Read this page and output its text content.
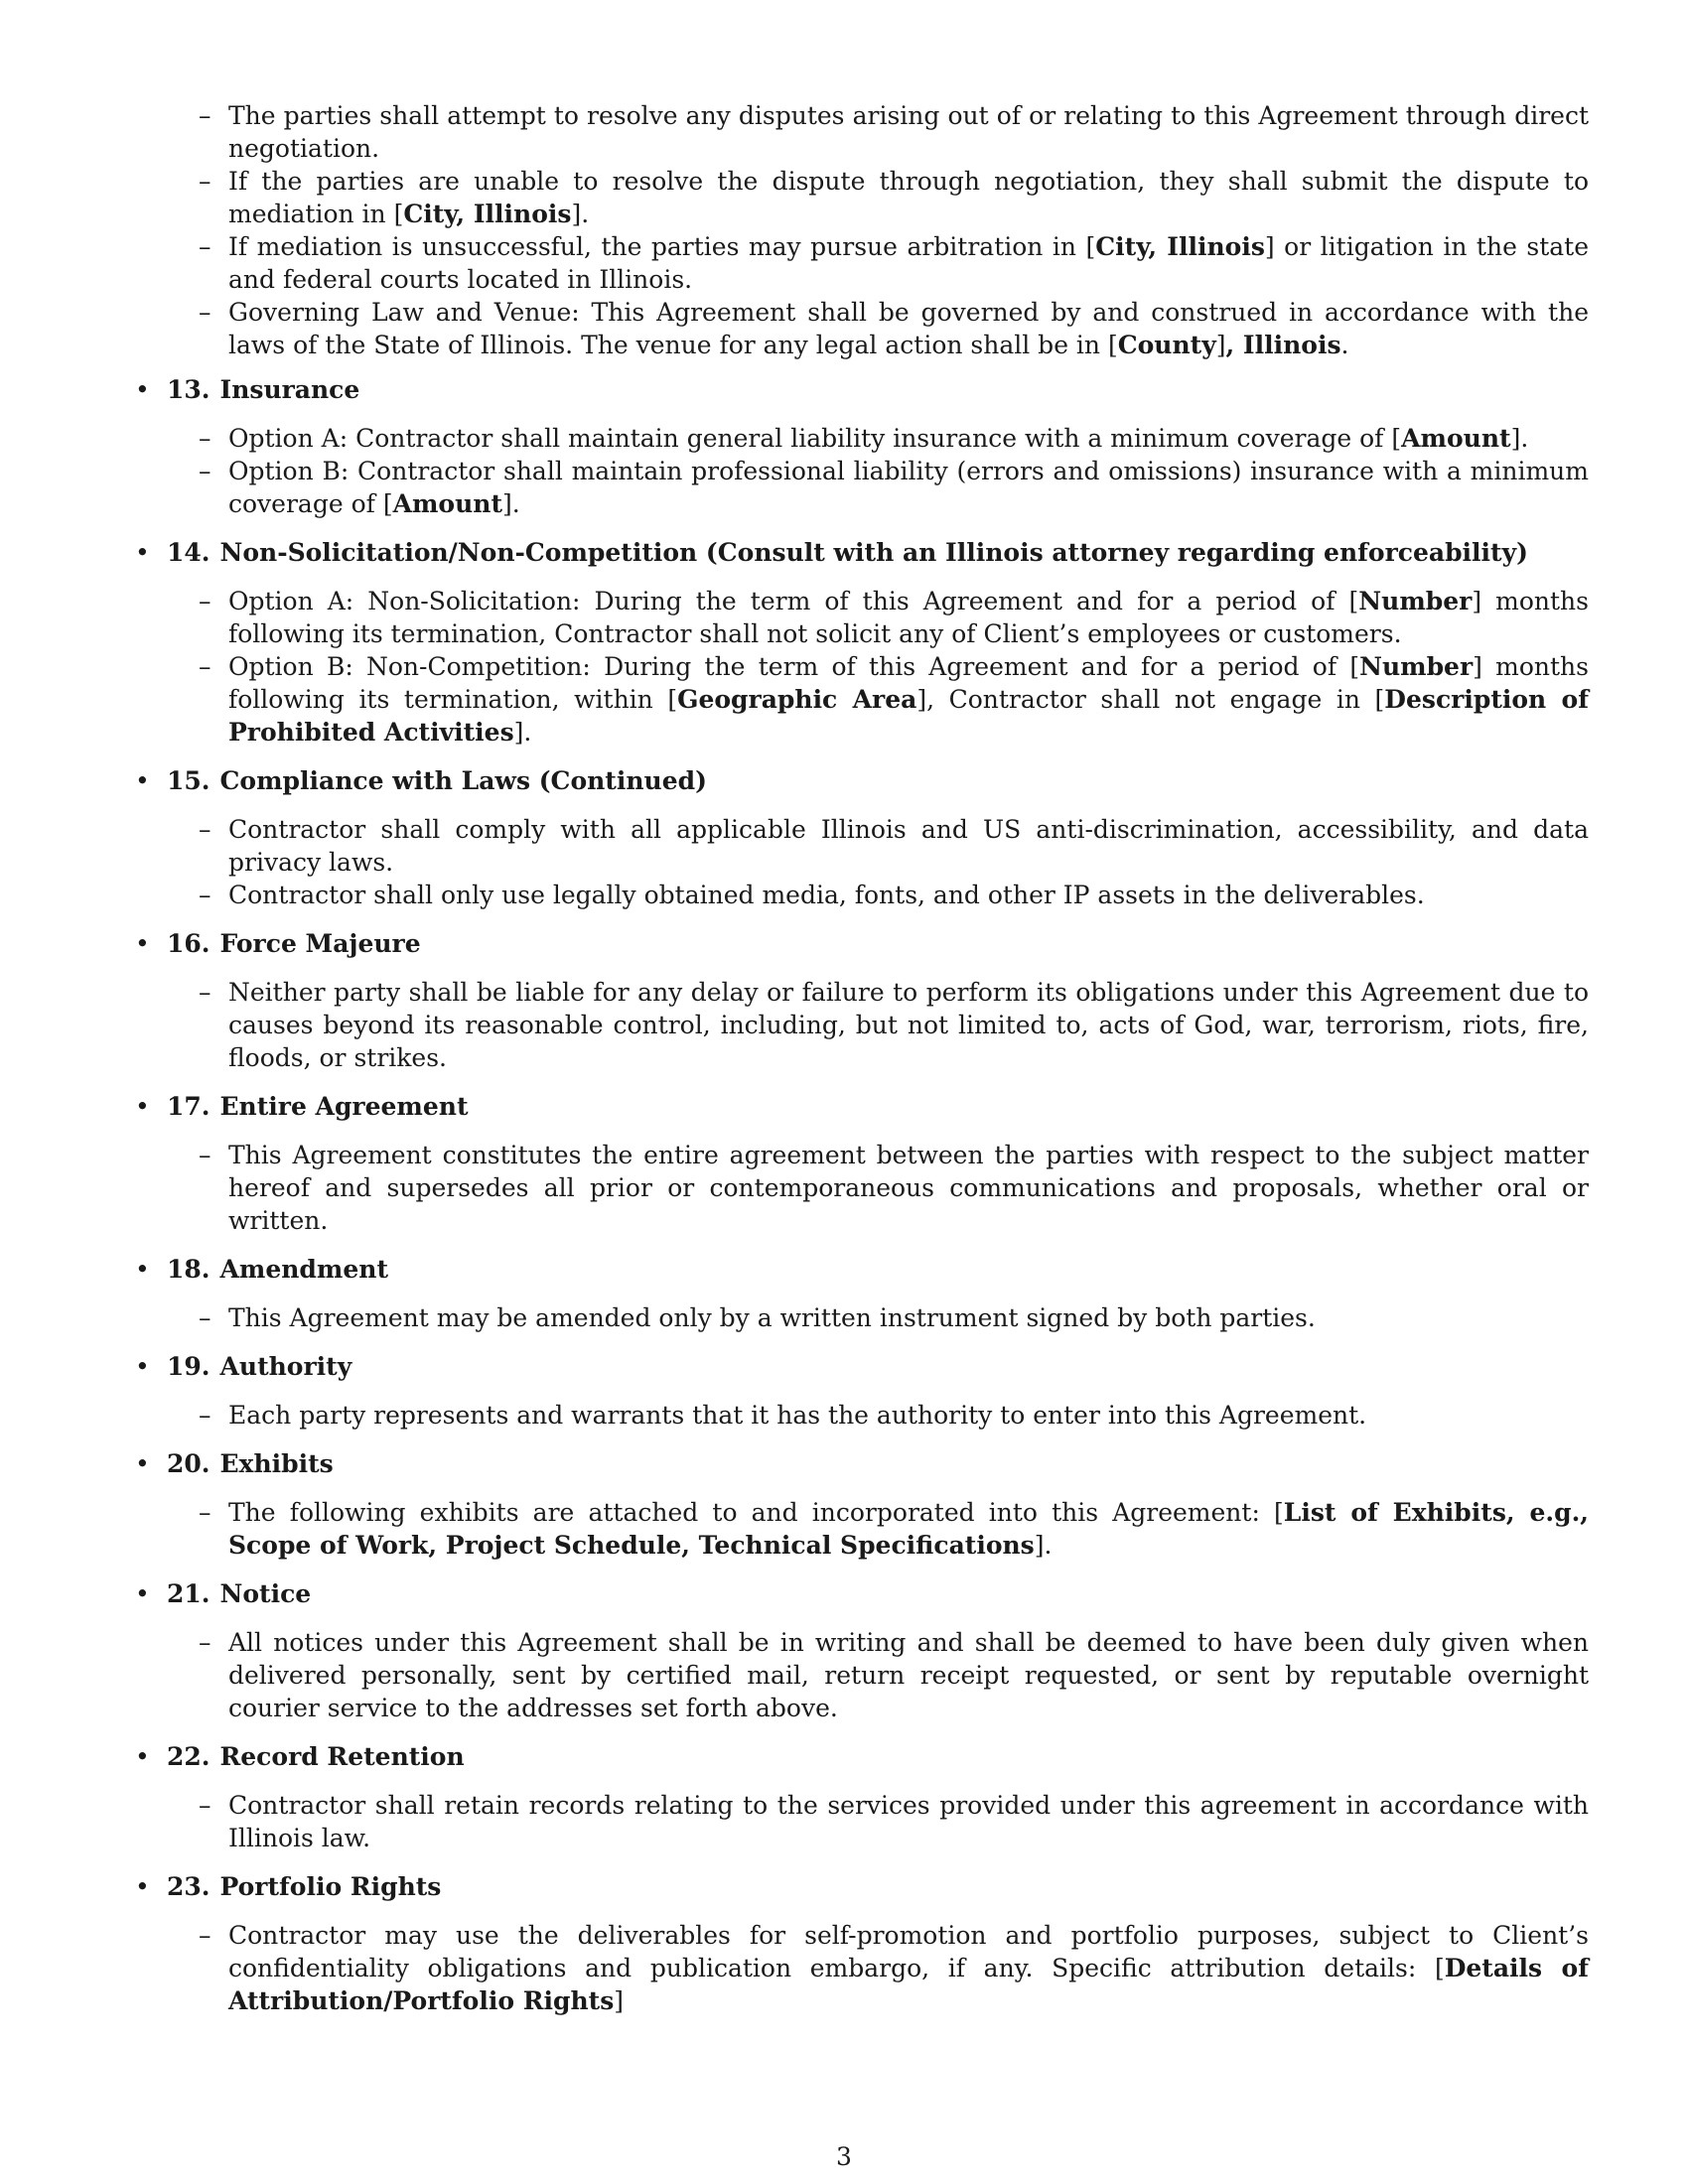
– The parties shall attempt to resolve any disputes arising out of or relating to this Agreement through direct negotiation.
– If the parties are unable to resolve the dispute through negotiation, they shall submit the dispute to mediation in [City, Illinois].
– If mediation is unsuccessful, the parties may pursue arbitration in [City, Illinois] or litigation in the state and federal courts located in Illinois.
– Governing Law and Venue: This Agreement shall be governed by and construed in accordance with the laws of the State of Illinois. The venue for any legal action shall be in [County], Illinois.
• 13. Insurance
– Option A: Contractor shall maintain general liability insurance with a minimum coverage of [Amount].
– Option B: Contractor shall maintain professional liability (errors and omissions) insurance with a minimum coverage of [Amount].
• 14. Non-Solicitation/Non-Competition (Consult with an Illinois attorney regarding enforceability)
– Option A: Non-Solicitation: During the term of this Agreement and for a period of [Number] months following its termination, Contractor shall not solicit any of Client’s employees or customers.
– Option B: Non-Competition: During the term of this Agreement and for a period of [Number] months following its termination, within [Geographic Area], Contractor shall not engage in [Description of Prohibited Activities].
• 15. Compliance with Laws (Continued)
– Contractor shall comply with all applicable Illinois and US anti-discrimination, accessibility, and data privacy laws.
– Contractor shall only use legally obtained media, fonts, and other IP assets in the deliverables.
• 16. Force Majeure
– Neither party shall be liable for any delay or failure to perform its obligations under this Agreement due to causes beyond its reasonable control, including, but not limited to, acts of God, war, terrorism, riots, fire, floods, or strikes.
• 17. Entire Agreement
– This Agreement constitutes the entire agreement between the parties with respect to the subject matter hereof and supersedes all prior or contemporaneous communications and proposals, whether oral or written.
• 18. Amendment
– This Agreement may be amended only by a written instrument signed by both parties.
• 19. Authority
– Each party represents and warrants that it has the authority to enter into this Agreement.
• 20. Exhibits
– The following exhibits are attached to and incorporated into this Agreement: [List of Exhibits, e.g., Scope of Work, Project Schedule, Technical Specifications].
• 21. Notice
– All notices under this Agreement shall be in writing and shall be deemed to have been duly given when delivered personally, sent by certified mail, return receipt requested, or sent by reputable overnight courier service to the addresses set forth above.
• 22. Record Retention
– Contractor shall retain records relating to the services provided under this agreement in accordance with Illinois law.
• 23. Portfolio Rights
– Contractor may use the deliverables for self-promotion and portfolio purposes, subject to Client’s confidentiality obligations and publication embargo, if any. Specific attribution details: [Details of Attribution/Portfolio Rights]
3
